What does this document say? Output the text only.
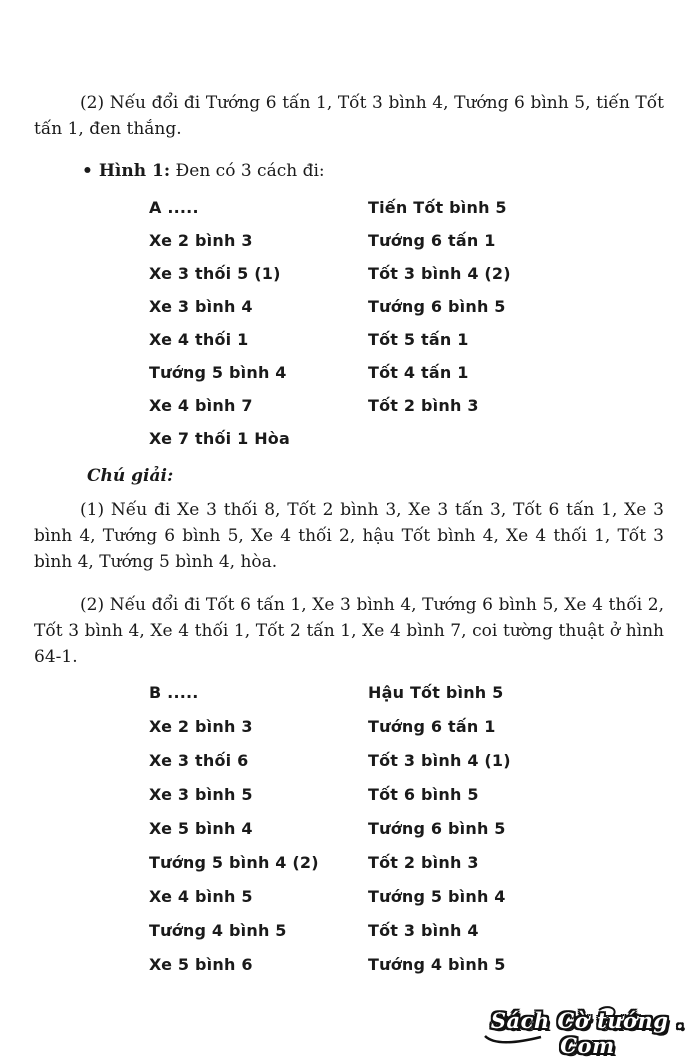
(2) Nếu đổi đi Tướng 6 tấn 1, Tốt 3 bình 4, Tướng 6 bình 5, tiến Tốt tấn 1, đen thắng.

• Hình 1: Đen có 3 cách đi:
A .....	Tiến Tốt bình 5
Xe 2 bình 3	Tướng 6 tấn 1
Xe 3 thối 5 (1)	Tốt 3 bình 4 (2)
Xe 3 bình 4	Tướng 6 bình 5
Xe 4 thối 1	Tốt 5 tấn 1
Tướng 5 bình 4	Tốt 4 tấn 1
Xe 4 bình 7	Tốt 2 bình 3
Xe 7 thối 1 Hòa
Chú giải:

(1) Nếu đi Xe 3 thối 8, Tốt 2 bình 3, Xe 3 tấn 3, Tốt 6 tấn 1, Xe 3 bình 4, Tướng 6 bình 5, Xe 4 thối 2, hậu Tốt bình 4, Xe 4 thối 1, Tốt 3 bình 4, Tướng 5 bình 4, hòa.

(2) Nếu đổi đi Tốt 6 tấn 1, Xe 3 bình 4, Tướng 6 bình 5, Xe 4 thối 2, Tốt 3 bình 4, Xe 4 thối 1, Tốt 2 tấn 1, Xe 4 bình 7, coi tường thuật ở hình 64-1.

B .....	Hậu Tốt bình 5
Xe 2 bình 3	Tướng 6 tấn 1
Xe 3 thối 6	Tốt 3 bình 4 (1)
Xe 3 bình 5	Tốt 6 bình 5
Xe 5 bình 4	Tướng 6 bình 5
Tướng 5 bình 4 (2)	Tốt 2 bình 3
Xe 4 bình 5	Tướng 5 bình 4
Tướng 4 bình 5	Tốt 3 bình 4
Xe 5 bình 6	Tướng 4 bình 5
Sách Cờ tướng . Com
